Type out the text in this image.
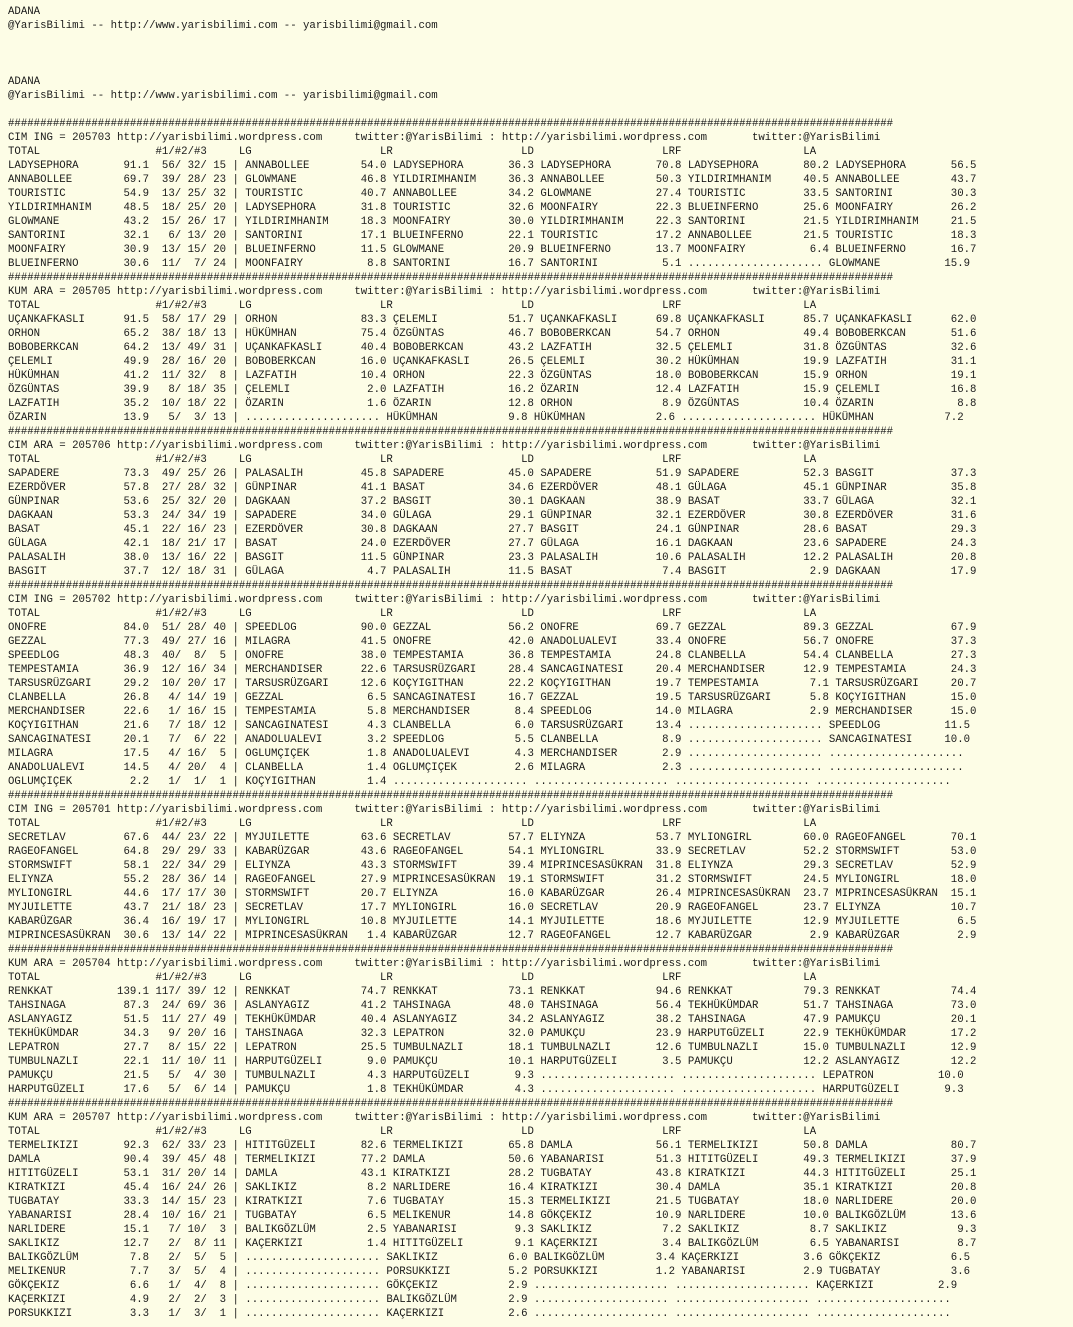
ADANA
@YarisBilimi -- http://www.yarisbilimi.com -- yarisbilimi@gmail.com

ADANA
@YarisBilimi -- http://www.yarisbilimi.com -- yarisbilimi@gmail.com

##########################################################################################################################################
CIM ING = 205703 http://yarisbilimi.wordpress.com     twitter:@YarisBilimi : http://yarisbilimi.wordpress.com       twitter:@YarisBilimi
TOTAL                  #1/#2/#3     LG                    LR                    LD                    LRF                   LA
LADYSEPHORA       91.1  56/ 32/ 15 | ANNABOLLEE        54.0 LADYSEPHORA       36.3 LADYSEPHORA       70.8 LADYSEPHORA       80.2 LADYSEPHORA       56.5
ANNABOLLEE        69.7  39/ 28/ 23 | GLOWMANE          46.8 YILDIRIMHANIM     36.3 ANNABOLLEE        50.3 YILDIRIMHANIM     40.5 ANNABOLLEE        43.7
TOURISTIC         54.9  13/ 25/ 32 | TOURISTIC         40.7 ANNABOLLEE        34.2 GLOWMANE          27.4 TOURISTIC         33.5 SANTORINI         30.3
YILDIRIMHANIM     48.5  18/ 25/ 20 | LADYSEPHORA       31.8 TOURISTIC         32.6 MOONFAIRY         22.3 BLUEINFERNO       25.6 MOONFAIRY         26.2
GLOWMANE          43.2  15/ 26/ 17 | YILDIRIMHANIM     18.3 MOONFAIRY         30.0 YILDIRIMHANIM     22.3 SANTORINI         21.5 YILDIRIMHANIM     21.5
SANTORINI         32.1   6/ 13/ 20 | SANTORINI         17.1 BLUEINFERNO       22.1 TOURISTIC         17.2 ANNABOLLEE        21.5 TOURISTIC         18.3
MOONFAIRY         30.9  13/ 15/ 20 | BLUEINFERNO       11.5 GLOWMANE          20.9 BLUEINFERNO       13.7 MOONFAIRY          6.4 BLUEINFERNO       16.7
BLUEINFERNO       30.6  11/  7/ 24 | MOONFAIRY          8.8 SANTORINI         16.7 SANTORINI          5.1 ..................... GLOWMANE          15.9
##########################################################################################################################################
KUM ARA = 205705 http://yarisbilimi.wordpress.com     twitter:@YarisBilimi : http://yarisbilimi.wordpress.com       twitter:@YarisBilimi
TOTAL                  #1/#2/#3     LG                    LR                    LD                    LRF                   LA
UÇANKAFKASLI      91.5  58/ 17/ 29 | ORHON             83.3 ÇELEMLI           51.7 UÇANKAFKASLI      69.8 UÇANKAFKASLI      85.7 UÇANKAFKASLI      62.0
ORHON             65.2  38/ 18/ 13 | HÜKÜMHAN          75.4 ÖZGÜNTAS          46.7 BOBOBERKCAN       54.7 ORHON             49.4 BOBOBERKCAN       51.6
BOBOBERKCAN       64.2  13/ 49/ 31 | UÇANKAFKASLI      40.4 BOBOBERKCAN       43.2 LAZFATIH          32.5 ÇELEMLI           31.8 ÖZGÜNTAS          32.6
ÇELEMLI           49.9  28/ 16/ 20 | BOBOBERKCAN       16.0 UÇANKAFKASLI      26.5 ÇELEMLI           30.2 HÜKÜMHAN          19.9 LAZFATIH          31.1
HÜKÜMHAN          41.2  11/ 32/  8 | LAZFATIH          10.4 ORHON             22.3 ÖZGÜNTAS          18.0 BOBOBERKCAN       15.9 ORHON             19.1
ÖZGÜNTAS          39.9   8/ 18/ 35 | ÇELEMLI            2.0 LAZFATIH          16.2 ÖZARIN            12.4 LAZFATIH          15.9 ÇELEMLI           16.8
LAZFATIH          35.2  10/ 18/ 22 | ÖZARIN             1.6 ÖZARIN            12.8 ORHON              8.9 ÖZGÜNTAS          10.4 ÖZARIN             8.8
ÖZARIN            13.9   5/  3/ 13 | ..................... HÜKÜMHAN           9.8 HÜKÜMHAN           2.6 ..................... HÜKÜMHAN           7.2
##########################################################################################################################################
CIM ARA = 205706 http://yarisbilimi.wordpress.com     twitter:@YarisBilimi : http://yarisbilimi.wordpress.com       twitter:@YarisBilimi
TOTAL                  #1/#2/#3     LG                    LR                    LD                    LRF                   LA
SAPADERE          73.3  49/ 25/ 26 | PALASALIH         45.8 SAPADERE          45.0 SAPADERE          51.9 SAPADERE          52.3 BASGIT            37.3
EZERDÖVER         57.8  27/ 28/ 32 | GÜNPINAR          41.1 BASAT             34.6 EZERDÖVER         48.1 GÜLAGA            45.1 GÜNPINAR          35.8
GÜNPINAR          53.6  25/ 32/ 20 | DAGKAAN           37.2 BASGIT            30.1 DAGKAAN           38.9 BASAT             33.7 GÜLAGA            32.1
DAGKAAN           53.3  24/ 34/ 19 | SAPADERE          34.0 GÜLAGA            29.1 GÜNPINAR          32.1 EZERDÖVER         30.8 EZERDÖVER         31.6
BASAT             45.1  22/ 16/ 23 | EZERDÖVER         30.8 DAGKAAN           27.7 BASGIT            24.1 GÜNPINAR          28.6 BASAT             29.3
GÜLAGA            42.1  18/ 21/ 17 | BASAT             24.0 EZERDÖVER         27.7 GÜLAGA            16.1 DAGKAAN           23.6 SAPADERE          24.3
PALASALIH         38.0  13/ 16/ 22 | BASGIT            11.5 GÜNPINAR          23.3 PALASALIH         10.6 PALASALIH         12.2 PALASALIH         20.8
BASGIT            37.7  12/ 18/ 31 | GÜLAGA             4.7 PALASALIH         11.5 BASAT              7.4 BASGIT             2.9 DAGKAAN           17.9
##########################################################################################################################################
CIM ING = 205702 http://yarisbilimi.wordpress.com     twitter:@YarisBilimi : http://yarisbilimi.wordpress.com       twitter:@YarisBilimi
TOTAL                  #1/#2/#3     LG                    LR                    LD                    LRF                   LA
ONOFRE            84.0  51/ 28/ 40 | SPEEDLOG          90.0 GEZZAL            56.2 ONOFRE            69.7 GEZZAL            89.3 GEZZAL            67.9
GEZZAL            77.3  49/ 27/ 16 | MILAGRA           41.5 ONOFRE            42.0 ANADOLUALEVI      33.4 ONOFRE            56.7 ONOFRE            37.3
SPEEDLOG          48.3  40/  8/  5 | ONOFRE            38.0 TEMPESTAMIA       36.8 TEMPESTAMIA       24.8 CLANBELLA         54.4 CLANBELLA         27.3
TEMPESTAMIA       36.9  12/ 16/ 34 | MERCHANDISER      22.6 TARSUSRÜZGARI     28.4 SANCAGINATESI     20.4 MERCHANDISER      12.9 TEMPESTAMIA       24.3
TARSUSRÜZGARI     29.2  10/ 20/ 17 | TARSUSRÜZGARI     12.6 KOÇYIGITHAN       22.2 KOÇYIGITHAN       19.7 TEMPESTAMIA        7.1 TARSUSRÜZGARI     20.7
CLANBELLA         26.8   4/ 14/ 19 | GEZZAL             6.5 SANCAGINATESI     16.7 GEZZAL            19.5 TARSUSRÜZGARI      5.8 KOÇYIGITHAN       15.0
MERCHANDISER      22.6   1/ 16/ 15 | TEMPESTAMIA        5.8 MERCHANDISER       8.4 SPEEDLOG          14.0 MILAGRA            2.9 MERCHANDISER      15.0
KOÇYIGITHAN       21.6   7/ 18/ 12 | SANCAGINATESI      4.3 CLANBELLA          6.0 TARSUSRÜZGARI     13.4 ..................... SPEEDLOG          11.5
SANCAGINATESI     20.1   7/  6/ 22 | ANADOLUALEVI       3.2 SPEEDLOG           5.5 CLANBELLA          8.9 ..................... SANCAGINATESI     10.0
MILAGRA           17.5   4/ 16/  5 | OGLUMÇIÇEK         1.8 ANADOLUALEVI       4.3 MERCHANDISER       2.9 ..................... .....................
ANADOLUALEVI      14.5   4/ 20/  4 | CLANBELLA          1.4 OGLUMÇIÇEK         2.6 MILAGRA            2.3 ..................... .....................
OGLUMÇIÇEK         2.2   1/  1/  1 | KOÇYIGITHAN        1.4 ..................... ..................... ..................... .....................
##########################################################################################################################################
CIM ING = 205701 http://yarisbilimi.wordpress.com     twitter:@YarisBilimi : http://yarisbilimi.wordpress.com       twitter:@YarisBilimi
TOTAL                  #1/#2/#3     LG                    LR                    LD                    LRF                   LA
SECRETLAV         67.6  44/ 23/ 22 | MYJUILETTE        63.6 SECRETLAV         57.7 ELIYNZA           53.7 MYLIONGIRL        60.0 RAGEOFANGEL       70.1
RAGEOFANGEL       64.8  29/ 29/ 33 | KABARÜZGAR        43.6 RAGEOFANGEL       54.1 MYLIONGIRL        33.9 SECRETLAV         52.2 STORMSWIFT        53.0
STORMSWIFT        58.1  22/ 34/ 29 | ELIYNZA           43.3 STORMSWIFT        39.4 MIPRINCESASÜKRAN  31.8 ELIYNZA           29.3 SECRETLAV         52.9
ELIYNZA           55.2  28/ 36/ 14 | RAGEOFANGEL       27.9 MIPRINCESASÜKRAN  19.1 STORMSWIFT        31.2 STORMSWIFT        24.5 MYLIONGIRL        18.0
MYLIONGIRL        44.6  17/ 17/ 30 | STORMSWIFT        20.7 ELIYNZA           16.0 KABARÜZGAR        26.4 MIPRINCESASÜKRAN  23.7 MIPRINCESASÜKRAN  15.1
MYJUILETTE        43.7  21/ 18/ 23 | SECRETLAV         17.7 MYLIONGIRL        16.0 SECRETLAV         20.9 RAGEOFANGEL       23.7 ELIYNZA           10.7
KABARÜZGAR        36.4  16/ 19/ 17 | MYLIONGIRL        10.8 MYJUILETTE        14.1 MYJUILETTE        18.6 MYJUILETTE        12.9 MYJUILETTE         6.5
MIPRINCESASÜKRAN  30.6  13/ 14/ 22 | MIPRINCESASÜKRAN   1.4 KABARÜZGAR        12.7 RAGEOFANGEL       12.7 KABARÜZGAR         2.9 KABARÜZGAR         2.9
##########################################################################################################################################
KUM ARA = 205704 http://yarisbilimi.wordpress.com     twitter:@YarisBilimi : http://yarisbilimi.wordpress.com       twitter:@YarisBilimi
TOTAL                  #1/#2/#3     LG                    LR                    LD                    LRF                   LA
RENKKAT          139.1 117/ 39/ 12 | RENKKAT           74.7 RENKKAT           73.1 RENKKAT           94.6 RENKKAT           79.3 RENKKAT           74.4
TAHSINAGA         87.3  24/ 69/ 36 | ASLANYAGIZ        41.2 TAHSINAGA         48.0 TAHSINAGA         56.4 TEKHÜKÜMDAR       51.7 TAHSINAGA         73.0
ASLANYAGIZ        51.5  11/ 27/ 49 | TEKHÜKÜMDAR       40.4 ASLANYAGIZ        34.2 ASLANYAGIZ        38.2 TAHSINAGA         47.9 PAMUKÇU           20.1
TEKHÜKÜMDAR       34.3   9/ 20/ 16 | TAHSINAGA         32.3 LEPATRON          32.0 PAMUKÇU           23.9 HARPUTGÜZELI      22.9 TEKHÜKÜMDAR       17.2
LEPATRON          27.7   8/ 15/ 22 | LEPATRON          25.5 TUMBULNAZLI       18.1 TUMBULNAZLI       12.6 TUMBULNAZLI       15.0 TUMBULNAZLI       12.9
TUMBULNAZLI       22.1  11/ 10/ 11 | HARPUTGÜZELI       9.0 PAMUKÇU           10.1 HARPUTGÜZELI       3.5 PAMUKÇU           12.2 ASLANYAGIZ        12.2
PAMUKÇU           21.5   5/  4/ 30 | TUMBULNAZLI        4.3 HARPUTGÜZELI       9.3 ..................... ..................... LEPATRON          10.0
HARPUTGÜZELI      17.6   5/  6/ 14 | PAMUKÇU            1.8 TEKHÜKÜMDAR        4.3 ..................... ..................... HARPUTGÜZELI       9.3
##########################################################################################################################################
KUM ARA = 205707 http://yarisbilimi.wordpress.com     twitter:@YarisBilimi : http://yarisbilimi.wordpress.com       twitter:@YarisBilimi
TOTAL                  #1/#2/#3     LG                    LR                    LD                    LRF                   LA
TERMELIKIZI       92.3  62/ 33/ 23 | HITITGÜZELI       82.6 TERMELIKIZI       65.8 DAMLA             56.1 TERMELIKIZI       50.8 DAMLA             80.7
DAMLA             90.4  39/ 45/ 48 | TERMELIKIZI       77.2 DAMLA             50.6 YABANARISI        51.3 HITITGÜZELI       49.3 TERMELIKIZI       37.9
HITITGÜZELI       53.1  31/ 20/ 14 | DAMLA             43.1 KIRATKIZI         28.2 TUGBATAY          43.8 KIRATKIZI         44.3 HITITGÜZELI       25.1
KIRATKIZI         45.4  16/ 24/ 26 | SAKLIKIZ           8.2 NARLIDERE         16.4 KIRATKIZI         30.4 DAMLA             35.1 KIRATKIZI         20.8
TUGBATAY          33.3  14/ 15/ 23 | KIRATKIZI          7.6 TUGBATAY          15.3 TERMELIKIZI       21.5 TUGBATAY          18.0 NARLIDERE         20.0
YABANARISI        28.4  10/ 16/ 21 | TUGBATAY           6.5 MELIKENUR         14.8 GÖKÇEKIZ          10.9 NARLIDERE         10.0 BALIKGÖZLÜM       13.6
NARLIDERE         15.1   7/ 10/  3 | BALIKGÖZLÜM        2.5 YABANARISI         9.3 SAKLIKIZ           7.2 SAKLIKIZ           8.7 SAKLIKIZ           9.3
SAKLIKIZ          12.7   2/  8/ 11 | KAÇERKIZI          1.4 HITITGÜZELI        9.1 KAÇERKIZI          3.4 BALIKGÖZLÜM        6.5 YABANARISI         8.7
BALIKGÖZLÜM        7.8   2/  5/  5 | ..................... SAKLIKIZ           6.0 BALIKGÖZLÜM        3.4 KAÇERKIZI          3.6 GÖKÇEKIZ           6.5
MELIKENUR          7.7   3/  5/  4 | ..................... PORSUKKIZI         5.2 PORSUKKIZI         1.2 YABANARISI         2.9 TUGBATAY           3.6
GÖKÇEKIZ           6.6   1/  4/  8 | ..................... GÖKÇEKIZ           2.9 ..................... ..................... KAÇERKIZI          2.9
KAÇERKIZI          4.9   2/  2/  3 | ..................... BALIKGÖZLÜM        2.9 ..................... ..................... .....................
PORSUKKIZI         3.3   1/  3/  1 | ..................... KAÇERKIZI          2.6 ..................... ..................... .....................
